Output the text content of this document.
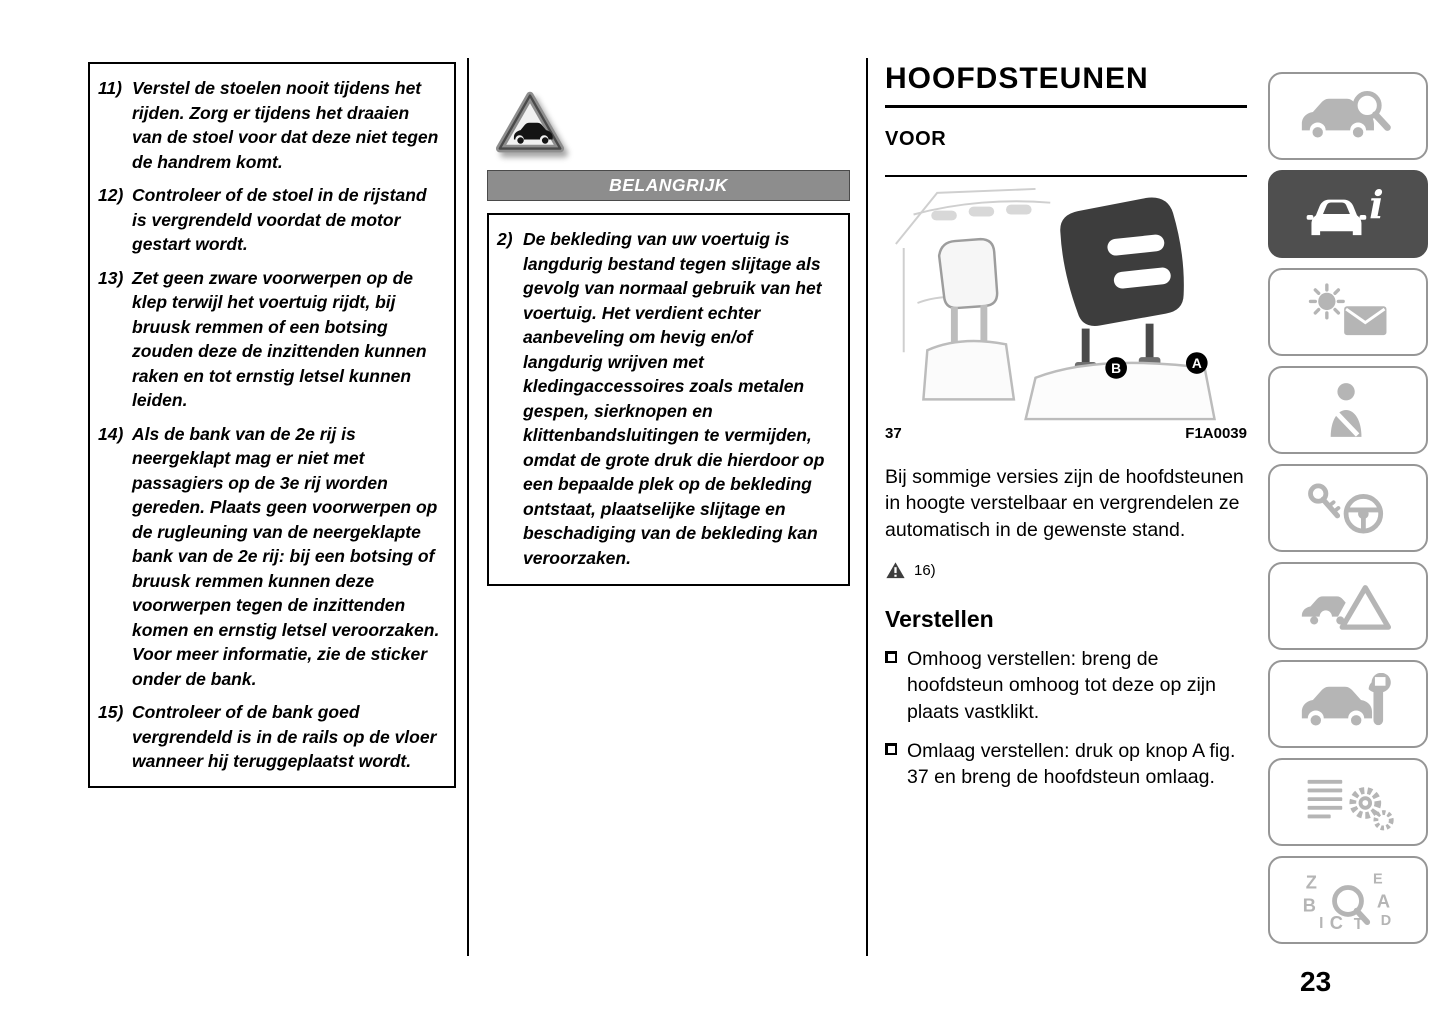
11) Verstel de stoelen nooit tijdens het rijden. Zorg er tijdens het draaien van de stoel voor dat deze niet tegen de handrem komt.
12) Controleer of de stoel in de rijstand is vergrendeld voordat de motor gestart wordt.
13) Zet geen zware voorwerpen op de klep terwijl het voertuig rijdt, bij bruusk remmen of een botsing zouden deze de inzittenden kunnen raken en tot ernstig letsel kunnen leiden.
14) Als de bank van de 2e rij is neergeklapt mag er niet met passagiers op de 3e rij worden gereden. Plaats geen voorwerpen op de rugleuning van de neergeklapte bank van de 2e rij: bij een botsing of bruusk remmen kunnen deze voorwerpen tegen de inzittenden komen en ernstig letsel veroorzaken. Voor meer informatie, zie de sticker onder de bank.
15) Controleer of de bank goed vergrendeld is in de rails op de vloer wanneer hij teruggeplaatst wordt.
BELANGRIJK
2) De bekleding van uw voertuig is langdurig bestand tegen slijtage als gevolg van normaal gebruik van het voertuig. Het verdient echter aanbeveling om hevig en/of langdurig wrijven met kledingaccessoires zoals metalen gespen, sierknopen en klittenbandsluitingen te vermijden, omdat de grote druk die hierdoor op een bepaalde plek op de bekleding ontstaat, plaatselijke slijtage en beschadiging van de bekleding kan veroorzaken.
HOOFDSTEUNEN
VOOR
B	A
37	F1A0039

Bij sommige versies zijn de hoofdsteunen in hoogte verstelbaar en vergrendelen ze automatisch in de gewenste stand.

16)
Verstellen
Omhoog verstellen: breng de hoofdsteun omhoog tot deze op zijn plaats vastklikt.
Omlaag verstellen: druk op knop A fig. 37 en breng de hoofdsteun omlaag.
i
Z	E
B	A
D
I C T
23
